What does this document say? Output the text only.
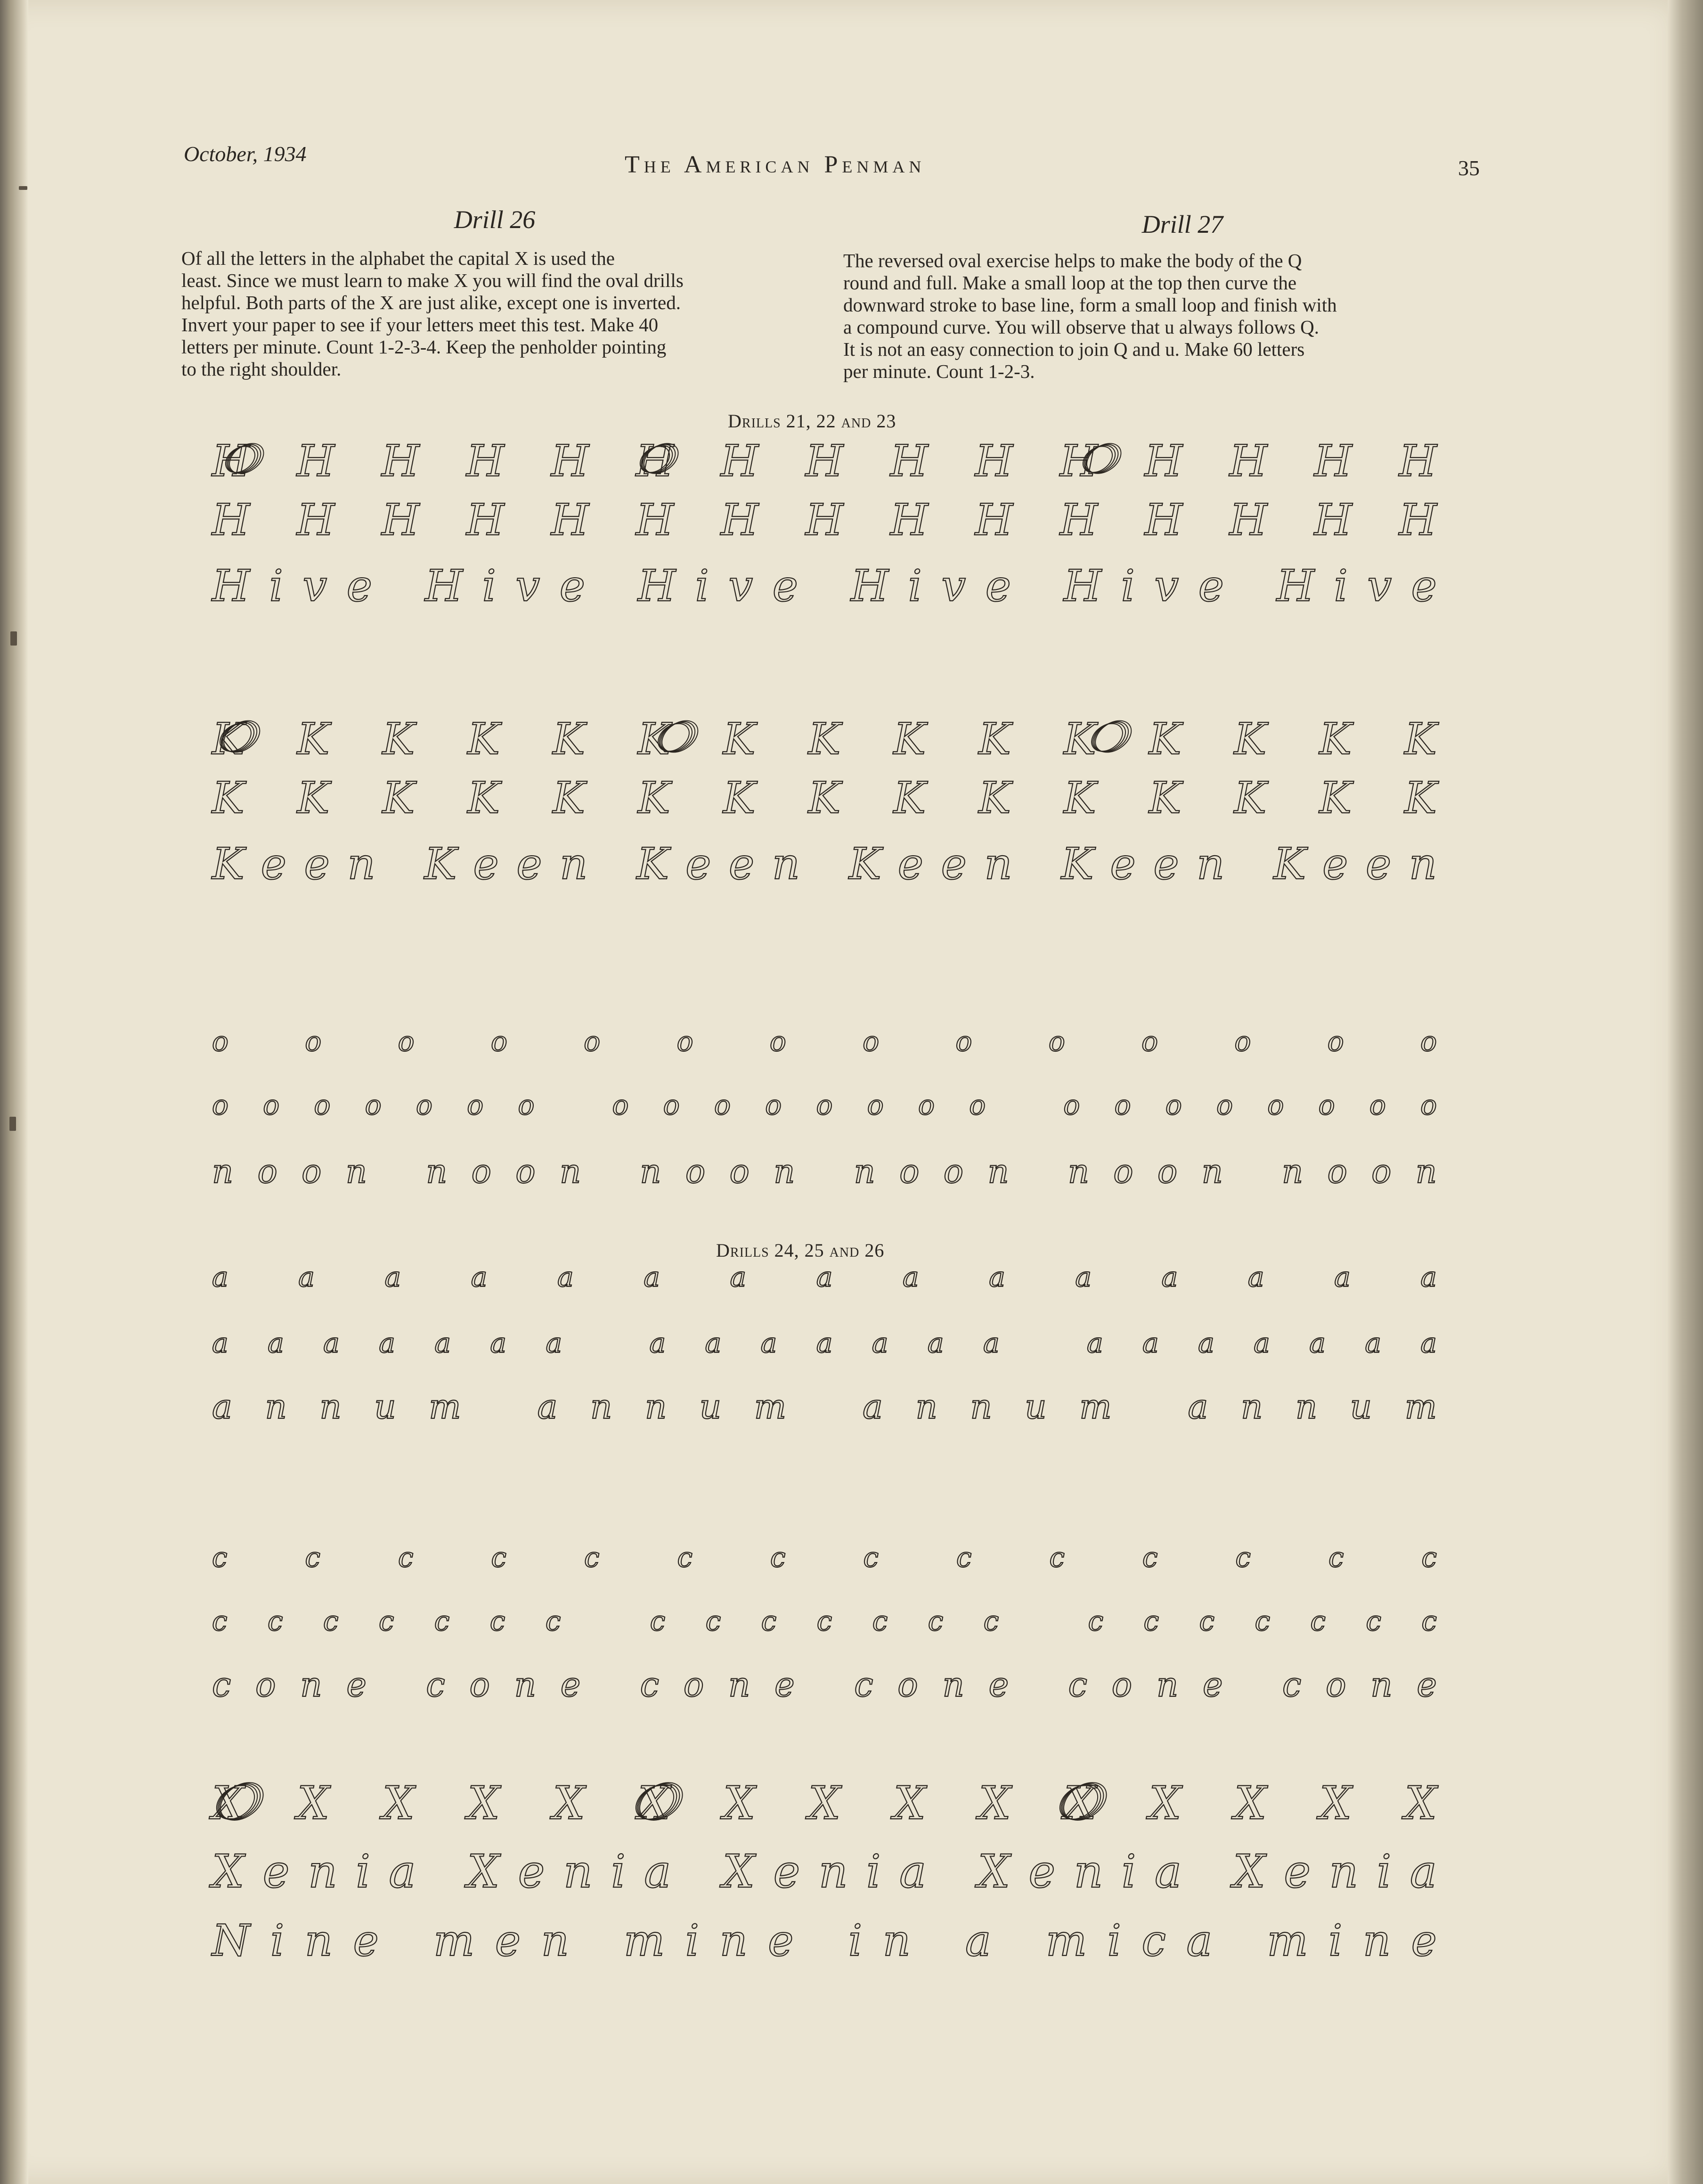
October, 1934	The American Penman	35
Drill 26
Of all the letters in the alphabet the capital X is used the
least. Since we must learn to make X you will find the oval drills
helpful. Both parts of the X are just alike, except one is inverted.
Invert your paper to see if your letters meet this test. Make 40
letters per minute. Count 1-2-3-4. Keep the penholder pointing
to the right shoulder.
Drill 27
The reversed oval exercise helps to make the body of the Q
round and full. Make a small loop at the top then curve the
downward stroke to base line, form a small loop and finish with
a compound curve. You will observe that u always follows Q.
It is not an easy connection to join Q and u. Make 60 letters
per minute. Count 1-2-3.
Drills 21, 22 and 23
Drills 24, 25 and 26
H H H H H H H H H H H H H H H
H H H H H H H H H H H H H H H
Hive Hive Hive Hive Hive Hive
K K K K K K K K K K K K K K K
K K K K K K K K K K K K K K K
Keen Keen Keen Keen Keen Keen
o o o o o o o o o o o o o o
ooooooo oooooooo oooooooo
noon noon noon noon noon noon
a a a a a a a a a a a a a a a
aaaaaaa aaaaaaa aaaaaaa
annum annum annum annum
c c c c c c c c c c c c c c
ccccccc ccccccc ccccccc
cone cone cone cone cone cone
X X X X X X X X X X X X X X X
Xenia Xenia Xenia Xenia Xenia
Nine men mine in a mica mine
